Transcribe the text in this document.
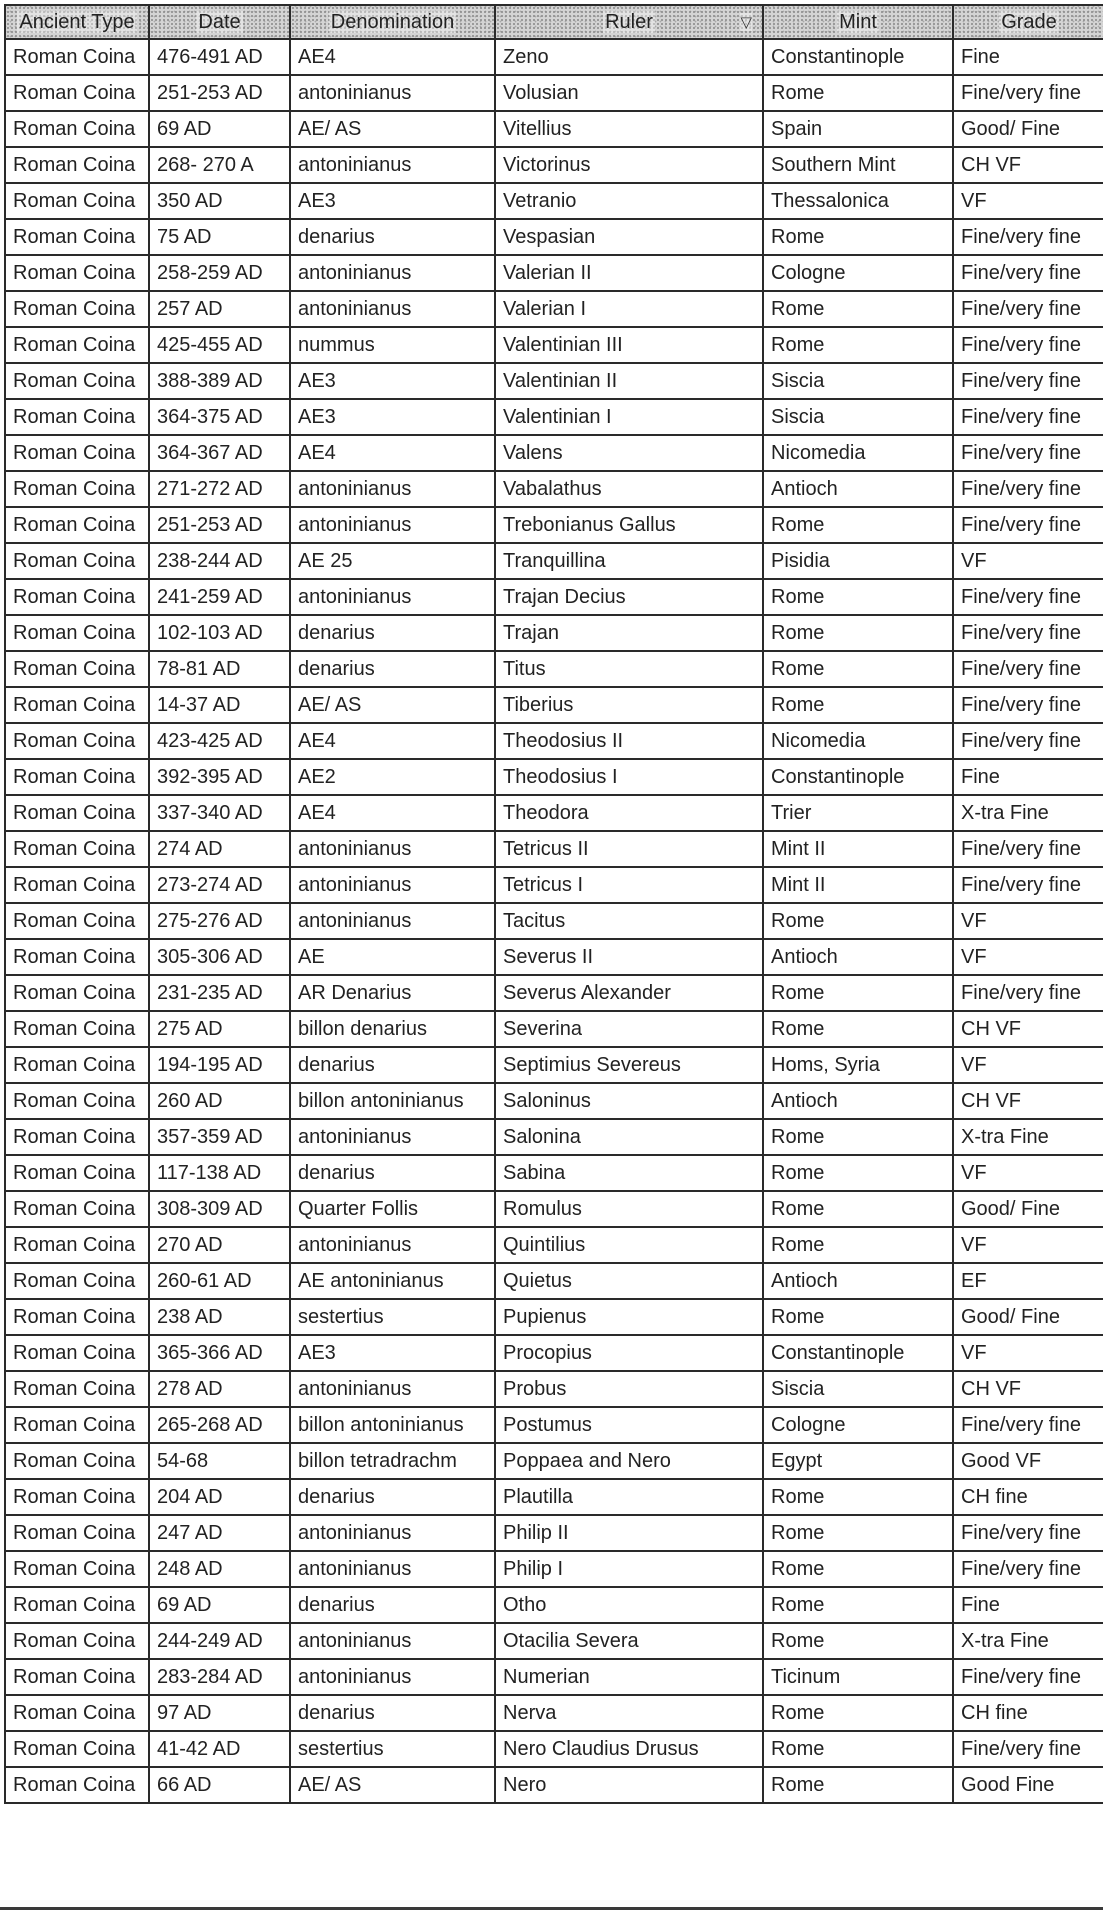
Ancient Type	Date	Denomination	Ruler ▽	Mint	Grade
Roman Coina	476-491 AD	AE4	Zeno	Constantinople	Fine
Roman Coina	251-253 AD	antoninianus	Volusian	Rome	Fine/very fine
Roman Coina	69 AD	AE/ AS	Vitellius	Spain	Good/ Fine
Roman Coina	268- 270 A	antoninianus	Victorinus	Southern Mint	CH VF
Roman Coina	350 AD	AE3	Vetranio	Thessalonica	VF
Roman Coina	75 AD	denarius	Vespasian	Rome	Fine/very fine
Roman Coina	258-259 AD	antoninianus	Valerian II	Cologne	Fine/very fine
Roman Coina	257 AD	antoninianus	Valerian I	Rome	Fine/very fine
Roman Coina	425-455 AD	nummus	Valentinian III	Rome	Fine/very fine
Roman Coina	388-389 AD	AE3	Valentinian II	Siscia	Fine/very fine
Roman Coina	364-375 AD	AE3	Valentinian I	Siscia	Fine/very fine
Roman Coina	364-367 AD	AE4	Valens	Nicomedia	Fine/very fine
Roman Coina	271-272 AD	antoninianus	Vabalathus	Antioch	Fine/very fine
Roman Coina	251-253 AD	antoninianus	Trebonianus Gallus	Rome	Fine/very fine
Roman Coina	238-244 AD	AE 25	Tranquillina	Pisidia	VF
Roman Coina	241-259 AD	antoninianus	Trajan Decius	Rome	Fine/very fine
Roman Coina	102-103 AD	denarius	Trajan	Rome	Fine/very fine
Roman Coina	78-81 AD	denarius	Titus	Rome	Fine/very fine
Roman Coina	14-37 AD	AE/ AS	Tiberius	Rome	Fine/very fine
Roman Coina	423-425 AD	AE4	Theodosius II	Nicomedia	Fine/very fine
Roman Coina	392-395 AD	AE2	Theodosius I	Constantinople	Fine
Roman Coina	337-340 AD	AE4	Theodora	Trier	X-tra Fine
Roman Coina	274 AD	antoninianus	Tetricus II	Mint II	Fine/very fine
Roman Coina	273-274 AD	antoninianus	Tetricus I	Mint II	Fine/very fine
Roman Coina	275-276 AD	antoninianus	Tacitus	Rome	VF
Roman Coina	305-306 AD	AE	Severus II	Antioch	VF
Roman Coina	231-235 AD	AR Denarius	Severus Alexander	Rome	Fine/very fine
Roman Coina	275 AD	billon denarius	Severina	Rome	CH VF
Roman Coina	194-195 AD	denarius	Septimius Severeus	Homs, Syria	VF
Roman Coina	260 AD	billon antoninianus	Saloninus	Antioch	CH VF
Roman Coina	357-359 AD	antoninianus	Salonina	Rome	X-tra Fine
Roman Coina	117-138 AD	denarius	Sabina	Rome	VF
Roman Coina	308-309 AD	Quarter Follis	Romulus	Rome	Good/ Fine
Roman Coina	270 AD	antoninianus	Quintilius	Rome	VF
Roman Coina	260-61 AD	AE antoninianus	Quietus	Antioch	EF
Roman Coina	238 AD	sestertius	Pupienus	Rome	Good/ Fine
Roman Coina	365-366 AD	AE3	Procopius	Constantinople	VF
Roman Coina	278 AD	antoninianus	Probus	Siscia	CH VF
Roman Coina	265-268 AD	billon antoninianus	Postumus	Cologne	Fine/very fine
Roman Coina	54-68	billon tetradrachm	Poppaea and Nero	Egypt	Good VF
Roman Coina	204 AD	denarius	Plautilla	Rome	CH fine
Roman Coina	247 AD	antoninianus	Philip II	Rome	Fine/very fine
Roman Coina	248 AD	antoninianus	Philip I	Rome	Fine/very fine
Roman Coina	69 AD	denarius	Otho	Rome	Fine
Roman Coina	244-249 AD	antoninianus	Otacilia Severa	Rome	X-tra Fine
Roman Coina	283-284 AD	antoninianus	Numerian	Ticinum	Fine/very fine
Roman Coina	97 AD	denarius	Nerva	Rome	CH fine
Roman Coina	41-42 AD	sestertius	Nero Claudius Drusus	Rome	Fine/very fine
Roman Coina	66 AD	AE/ AS	Nero	Rome	Good Fine
